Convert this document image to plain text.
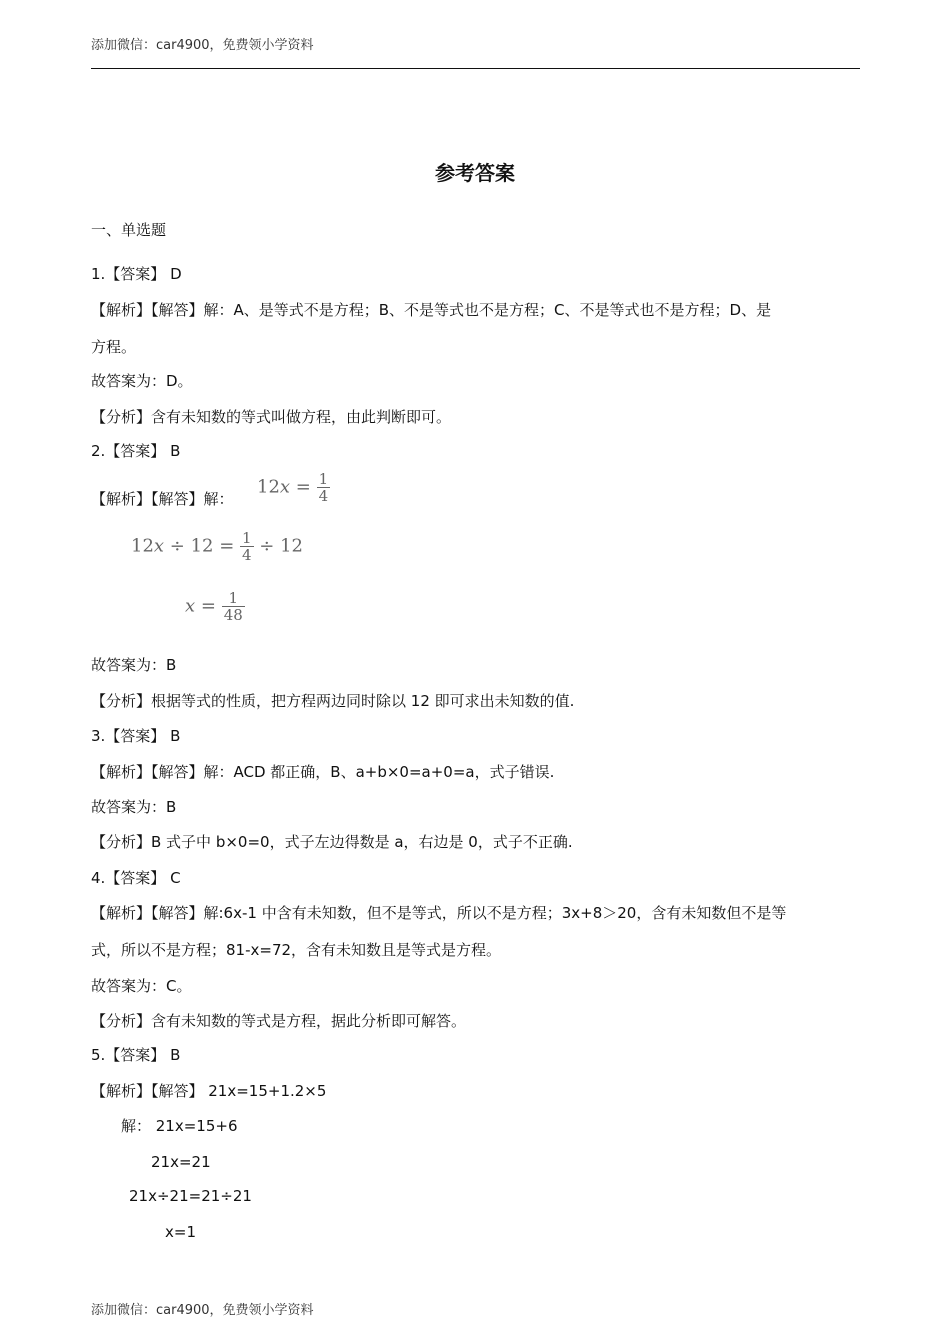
添加微信：car4900，免费领小学资料
参考答案
一、单选题
1.【答案】 D
【解析】【解答】解：A、是等式不是方程；B、不是等式也不是方程；C、不是等式也不是方程；D、是
方程。
故答案为：D。
【分析】含有未知数的等式叫做方程，由此判断即可。
2.【答案】 B
【解析】【解答】解：
$12x = \frac{1}{4}$
$12x \div 12 = \frac{1}{4} \div 12$
$x = \frac{1}{48}$
故答案为：B
【分析】根据等式的性质，把方程两边同时除以 12 即可求出未知数的值.
3.【答案】 B
【解析】【解答】解：ACD 都正确，B、a+b×0=a+0=a，式子错误.
故答案为：B
【分析】B 式子中 b×0=0，式子左边得数是 a，右边是 0，式子不正确.
4.【答案】 C
【解析】【解答】解:6x-1 中含有未知数，但不是等式，所以不是方程；3x+8＞20，含有未知数但不是等
式，所以不是方程；81-x=72，含有未知数且是等式是方程。
故答案为：C。
【分析】含有未知数的等式是方程，据此分析即可解答。
5.【答案】 B
【解析】【解答】 21x=15+1.2×5
解： 21x=15+6
21x=21
21x÷21=21÷21
x=1
添加微信：car4900，免费领小学资料
